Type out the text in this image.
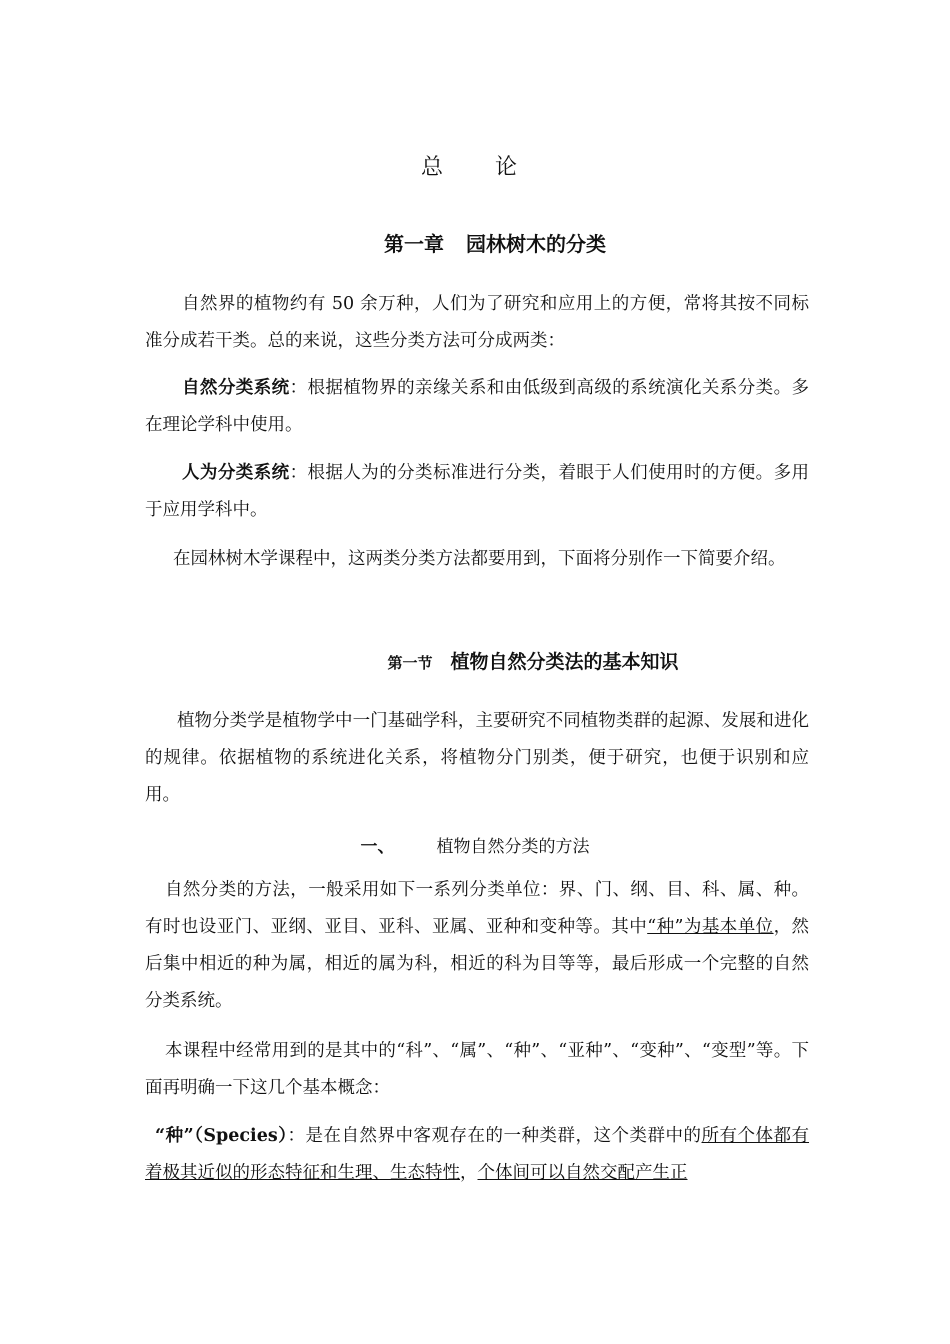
总论
第一章 园林树木的分类

自然界的植物约有 50 余万种，人们为了研究和应用上的方便，常将其按不同标准分成若干类。总的来说，这些分类方法可分成两类：

自然分类系统：根据植物界的亲缘关系和由低级到高级的系统演化关系分类。多在理论学科中使用。

人为分类系统：根据人为的分类标准进行分类，着眼于人们使用时的方便。多用于应用学科中。

在园林树木学课程中，这两类分类方法都要用到，下面将分别作一下简要介绍。

第一节 植物自然分类法的基本知识

植物分类学是植物学中一门基础学科，主要研究不同植物类群的起源、发展和进化的规律。依据植物的系统进化关系，将植物分门别类，便于研究，也便于识别和应用。

一、 植物自然分类的方法

自然分类的方法，一般采用如下一系列分类单位：界、门、纲、目、科、属、种。有时也设亚门、亚纲、亚目、亚科、亚属、亚种和变种等。其中“种”为基本单位，然后集中相近的种为属，相近的属为科，相近的科为目等等，最后形成一个完整的自然分类系统。

本课程中经常用到的是其中的“科”、“属”、“种”、“亚种”、“变种”、“变型”等。下面再明确一下这几个基本概念：

“种”（Species）：是在自然界中客观存在的一种类群，这个类群中的所有个体都有着极其近似的形态特征和生理、生态特性，个体间可以自然交配产生正
